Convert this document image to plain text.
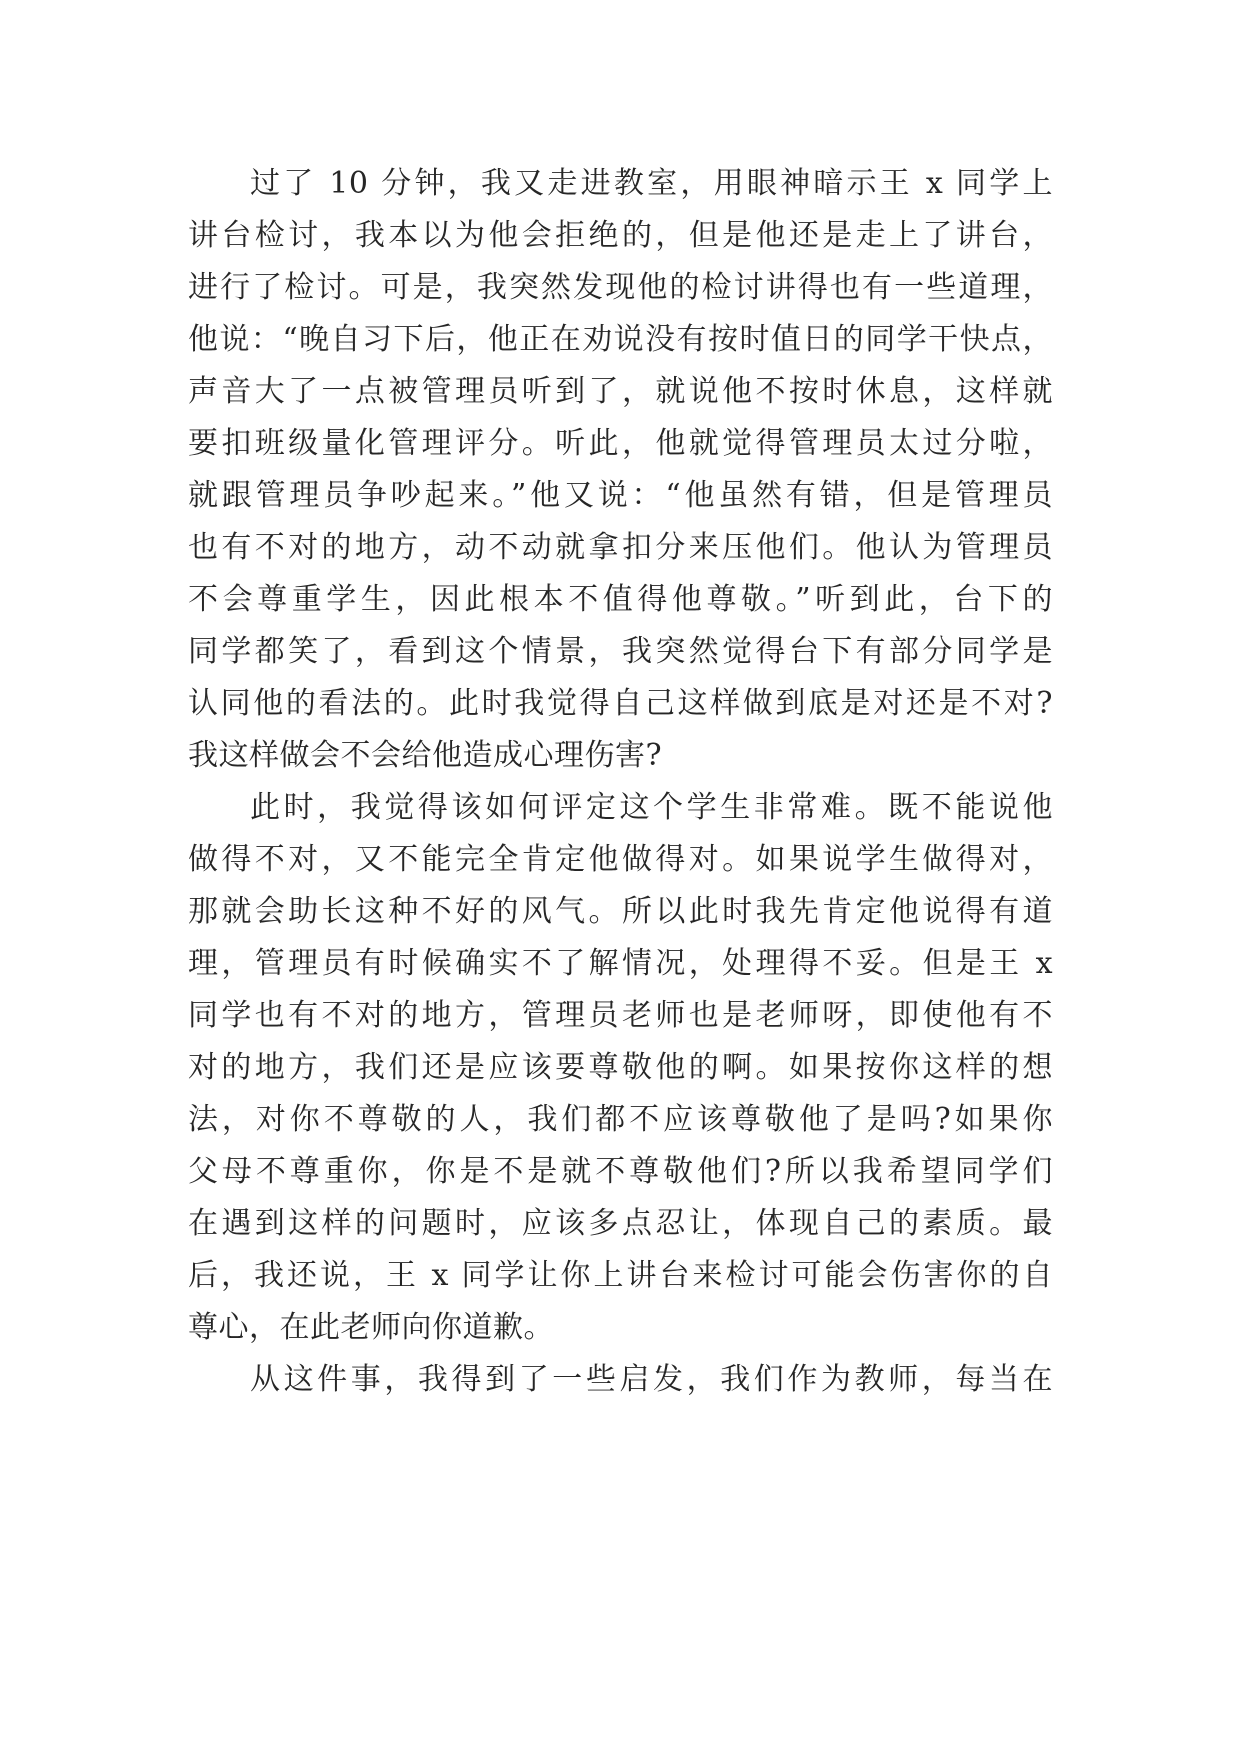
过了 10 分钟，我又走进教室，用眼神暗示王 x 同学上
讲台检讨，我本以为他会拒绝的，但是他还是走上了讲台，
进行了检讨。可是，我突然发现他的检讨讲得也有一些道理，
他说：“晚自习下后，他正在劝说没有按时值日的同学干快点，
声音大了一点被管理员听到了，就说他不按时休息，这样就
要扣班级量化管理评分。听此，他就觉得管理员太过分啦，
就跟管理员争吵起来。”他又说：“他虽然有错，但是管理员
也有不对的地方，动不动就拿扣分来压他们。他认为管理员
不会尊重学生，因此根本不值得他尊敬。”听到此，台下的
同学都笑了，看到这个情景，我突然觉得台下有部分同学是
认同他的看法的。此时我觉得自己这样做到底是对还是不对?
我这样做会不会给他造成心理伤害?
此时，我觉得该如何评定这个学生非常难。既不能说他
做得不对，又不能完全肯定他做得对。如果说学生做得对，
那就会助长这种不好的风气。所以此时我先肯定他说得有道
理，管理员有时候确实不了解情况，处理得不妥。但是王 x
同学也有不对的地方，管理员老师也是老师呀，即使他有不
对的地方，我们还是应该要尊敬他的啊。如果按你这样的想
法，对你不尊敬的人，我们都不应该尊敬他了是吗?如果你
父母不尊重你，你是不是就不尊敬他们?所以我希望同学们
在遇到这样的问题时，应该多点忍让，体现自己的素质。最
后，我还说，王 x 同学让你上讲台来检讨可能会伤害你的自
尊心，在此老师向你道歉。
从这件事，我得到了一些启发，我们作为教师，每当在
